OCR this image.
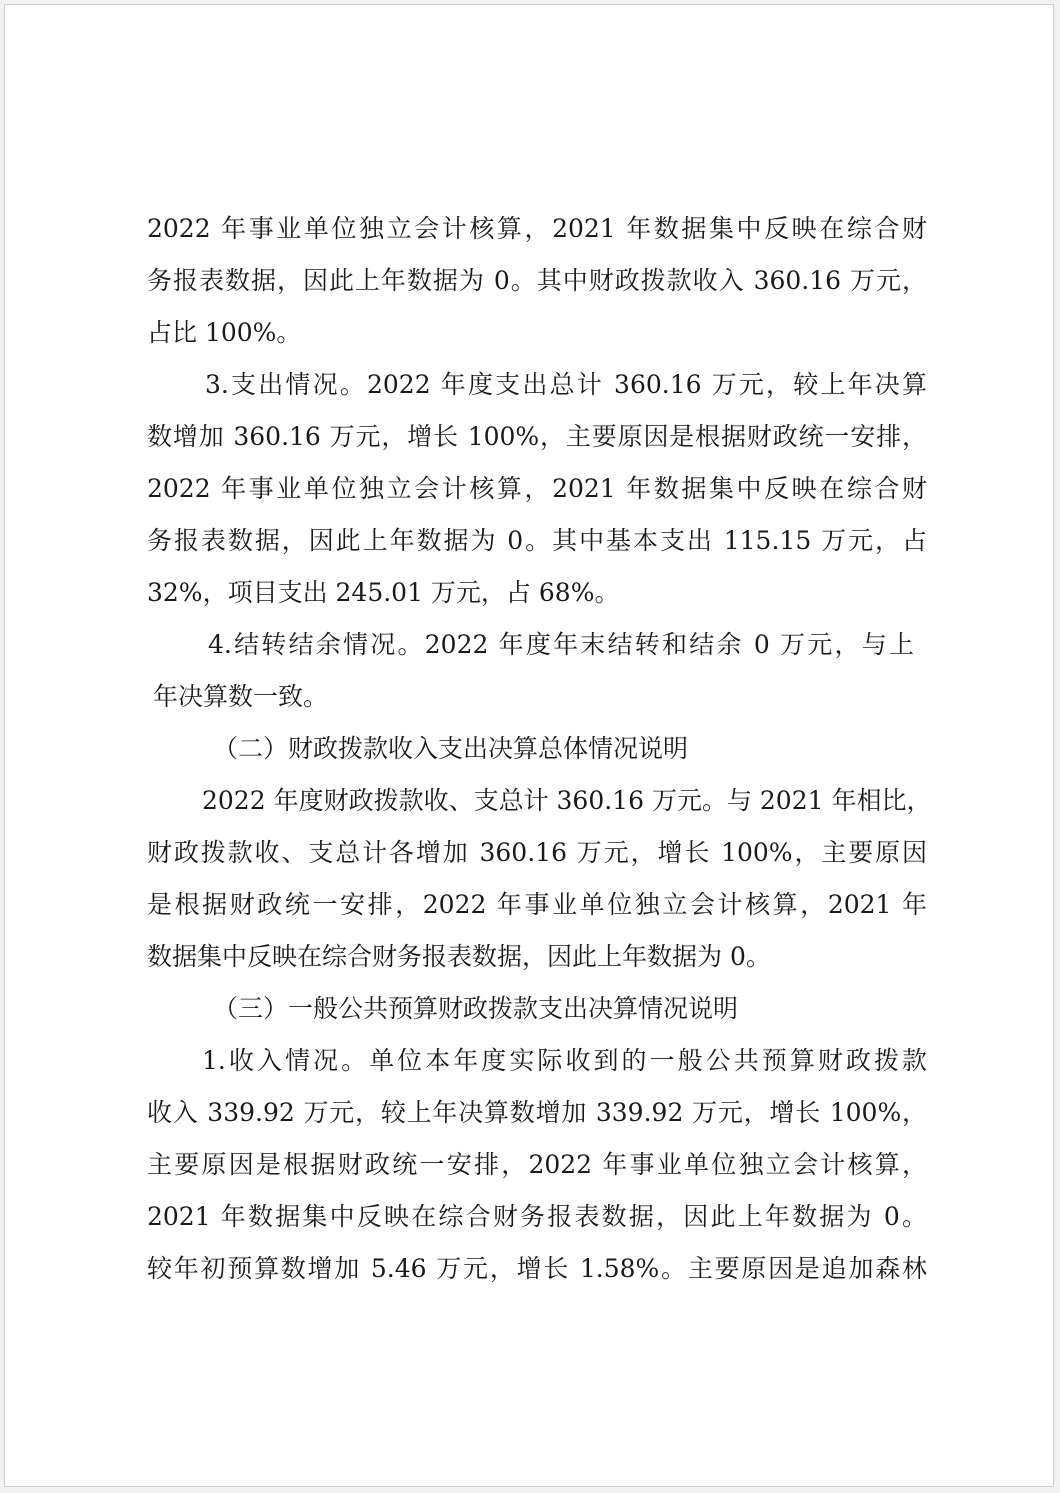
2022 年事业单位独立会计核算，2021 年数据集中反映在综合财
务报表数据，因此上年数据为 0。其中财政拨款收入 360.16 万元，
占比 100%。
3.支出情况。2022 年度支出总计 360.16 万元，较上年决算
数增加 360.16 万元，增长 100%，主要原因是根据财政统一安排，
2022 年事业单位独立会计核算，2021 年数据集中反映在综合财
务报表数据，因此上年数据为 0。其中基本支出 115.15 万元，占
32%，项目支出 245.01 万元，占 68%。
4.结转结余情况。2022 年度年末结转和结余 0 万元，与上
年决算数一致。
（二）财政拨款收入支出决算总体情况说明
2022 年度财政拨款收、支总计 360.16 万元。与 2021 年相比，
财政拨款收、支总计各增加 360.16 万元，增长 100%，主要原因
是根据财政统一安排，2022 年事业单位独立会计核算，2021 年
数据集中反映在综合财务报表数据，因此上年数据为 0。
（三）一般公共预算财政拨款支出决算情况说明
1.收入情况。单位本年度实际收到的一般公共预算财政拨款
收入 339.92 万元，较上年决算数增加 339.92 万元，增长 100%，
主要原因是根据财政统一安排，2022 年事业单位独立会计核算，
2021 年数据集中反映在综合财务报表数据，因此上年数据为 0。
较年初预算数增加 5.46 万元，增长 1.58%。主要原因是追加森林
